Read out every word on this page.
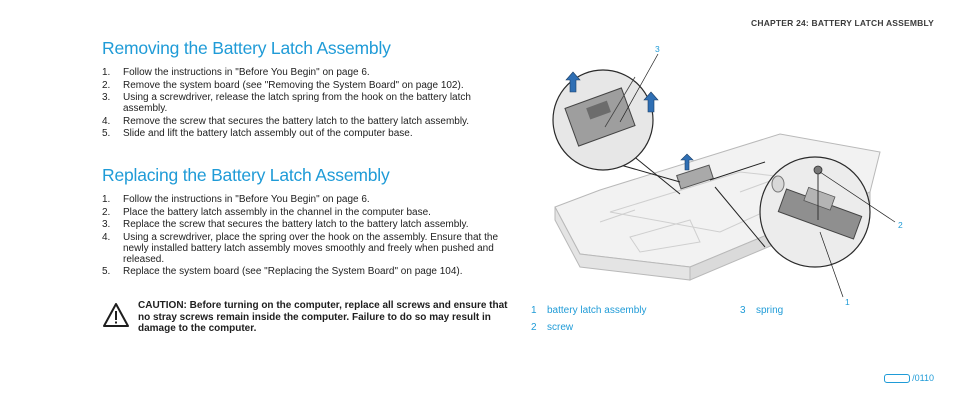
CHAPTER 24: BATTERY LATCH ASSEMBLY
Removing the Battery Latch Assembly
1. Follow the instructions in "Before You Begin" on page 6.
2. Remove the system board (see "Removing the System Board" on page 102).
3. Using a screwdriver, release the latch spring from the hook on the battery latch assembly.
4. Remove the screw that secures the battery latch to the battery latch assembly.
5. Slide and lift the battery latch assembly out of the computer base.
Replacing the Battery Latch Assembly
1. Follow the instructions in "Before You Begin" on page 6.
2. Place the battery latch assembly in the channel in the computer base.
3. Replace the screw that secures the battery latch to the battery latch assembly.
4. Using a screwdriver, place the spring over the hook on the assembly. Ensure that the newly installed battery latch assembly moves smoothly and freely when pushed and released.
5. Replace the system board (see "Replacing the System Board" on page 104).
CAUTION: Before turning on the computer, replace all screws and ensure that no stray screws remain inside the computer. Failure to do so may result in damage to the computer.
3
2
1
1 battery latch assembly	3 spring
2 screw
/0110
